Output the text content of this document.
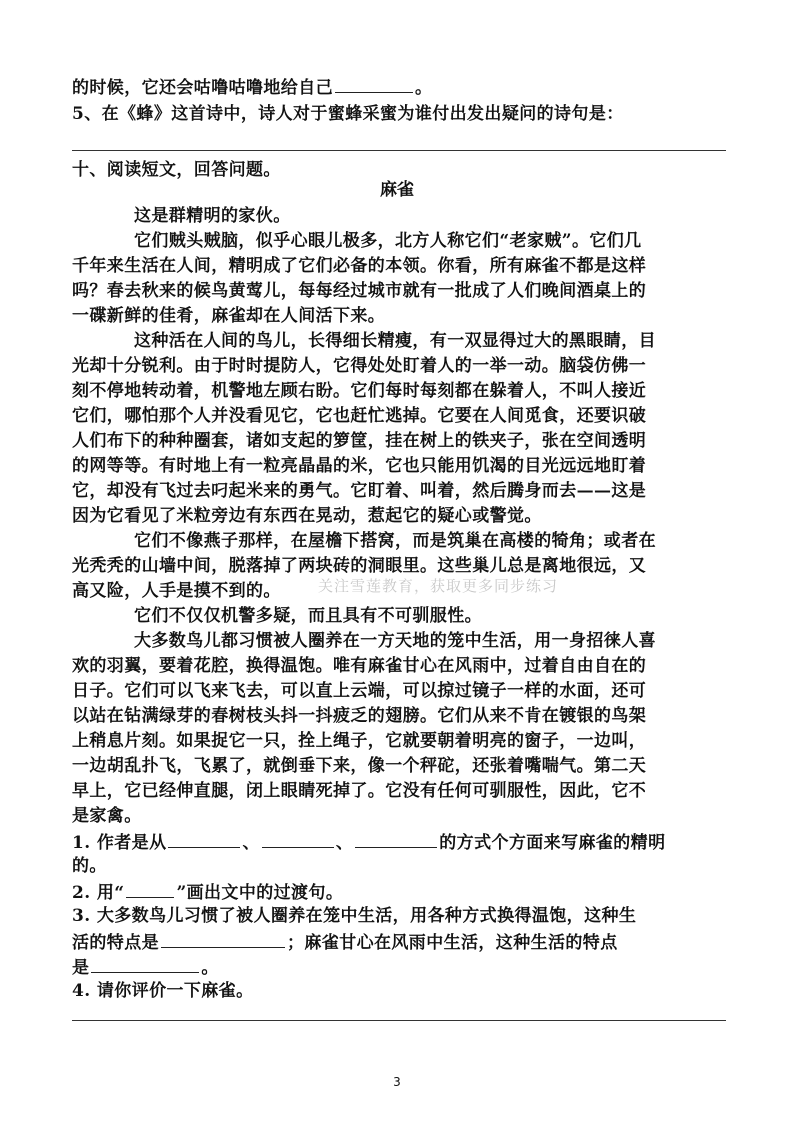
的时候，它还会咕噜咕噜地给自己	。
5、在《蜂》这首诗中，诗人对于蜜蜂采蜜为谁付出发出疑问的诗句是：
十、阅读短文，回答问题。
麻雀
这是群精明的家伙。
它们贼头贼脑，似乎心眼儿极多，北方人称它们“老家贼”。它们几
千年来生活在人间，精明成了它们必备的本领。你看，所有麻雀不都是这样
吗？春去秋来的候鸟黄莺儿，每每经过城市就有一批成了人们晚间酒桌上的
一碟新鲜的佳肴，麻雀却在人间活下来。
这种活在人间的鸟儿，长得细长精瘦，有一双显得过大的黑眼睛，目
光却十分锐利。由于时时提防人，它得处处盯着人的一举一动。脑袋仿佛一
刻不停地转动着，机警地左顾右盼。它们每时每刻都在躲着人，不叫人接近
它们，哪怕那个人并没看见它，它也赶忙逃掉。它要在人间觅食，还要识破
人们布下的种种圈套，诸如支起的箩筐，挂在树上的铁夹子，张在空间透明
的网等等。有时地上有一粒亮晶晶的米，它也只能用饥渴的目光远远地盯着
它，却没有飞过去叼起米来的勇气。它盯着、叫着，然后腾身而去——这是
因为它看见了米粒旁边有东西在晃动，惹起它的疑心或警觉。
它们不像燕子那样，在屋檐下搭窝，而是筑巢在高楼的犄角；或者在
光秃秃的山墙中间，脱落掉了两块砖的洞眼里。这些巢儿总是离地很远，又
高又险，人手是摸不到的。
它们不仅仅机警多疑，而且具有不可驯服性。
大多数鸟儿都习惯被人圈养在一方天地的笼中生活，用一身招徕人喜
欢的羽翼，要着花腔，换得温饱。唯有麻雀甘心在风雨中，过着自由自在的
日子。它们可以飞来飞去，可以直上云端，可以掠过镜子一样的水面，还可
以站在钻满绿芽的春树枝头抖一抖疲乏的翅膀。它们从来不肯在镀银的鸟架
上稍息片刻。如果捉它一只，拴上绳子，它就要朝着明亮的窗子，一边叫，
一边胡乱扑飞，飞累了，就倒垂下来，像一个秤砣，还张着嘴喘气。第二天
早上，它已经伸直腿，闭上眼睛死掉了。它没有任何可驯服性，因此，它不
是家禽。
关注雪莲教育，获取更多同步练习
1. 作者是从	、	、	的方式个方面来写麻雀的精明
的。
2. 用“	”画出文中的过渡句。
3. 大多数鸟儿习惯了被人圈养在笼中生活，用各种方式换得温饱，这种生
活的特点是	；麻雀甘心在风雨中生活，这种生活的特点
是	。
4. 请你评价一下麻雀。
3
